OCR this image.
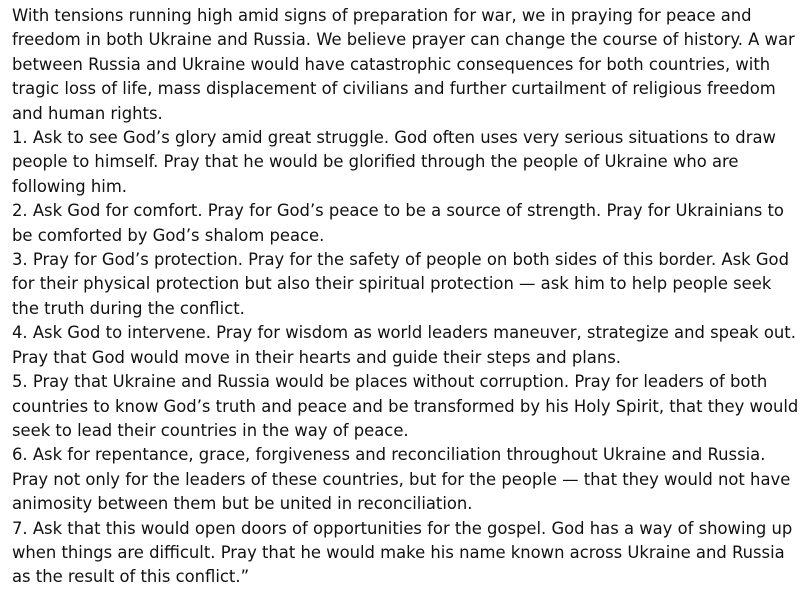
With tensions running high amid signs of preparation for war, we in praying for peace and freedom in both Ukraine and Russia. We believe prayer can change the course of history. A war between Russia and Ukraine would have catastrophic consequences for both countries, with tragic loss of life, mass displacement of civilians and further curtailment of religious freedom and human rights.

1. Ask to see God’s glory amid great struggle. God often uses very serious situations to draw people to himself. Pray that he would be glorified through the people of Ukraine who are following him.

2. Ask God for comfort. Pray for God’s peace to be a source of strength. Pray for Ukrainians to be comforted by God’s shalom peace.

3. Pray for God’s protection. Pray for the safety of people on both sides of this border. Ask God for their physical protection but also their spiritual protection — ask him to help people seek the truth during the conflict.

4. Ask God to intervene. Pray for wisdom as world leaders maneuver, strategize and speak out. Pray that God would move in their hearts and guide their steps and plans.

5. Pray that Ukraine and Russia would be places without corruption. Pray for leaders of both countries to know God’s truth and peace and be transformed by his Holy Spirit, that they would seek to lead their countries in the way of peace.

6. Ask for repentance, grace, forgiveness and reconciliation throughout Ukraine and Russia. Pray not only for the leaders of these countries, but for the people — that they would not have animosity between them but be united in reconciliation.

7. Ask that this would open doors of opportunities for the gospel. God has a way of showing up when things are difficult. Pray that he would make his name known across Ukraine and Russia as the result of this conflict.”
